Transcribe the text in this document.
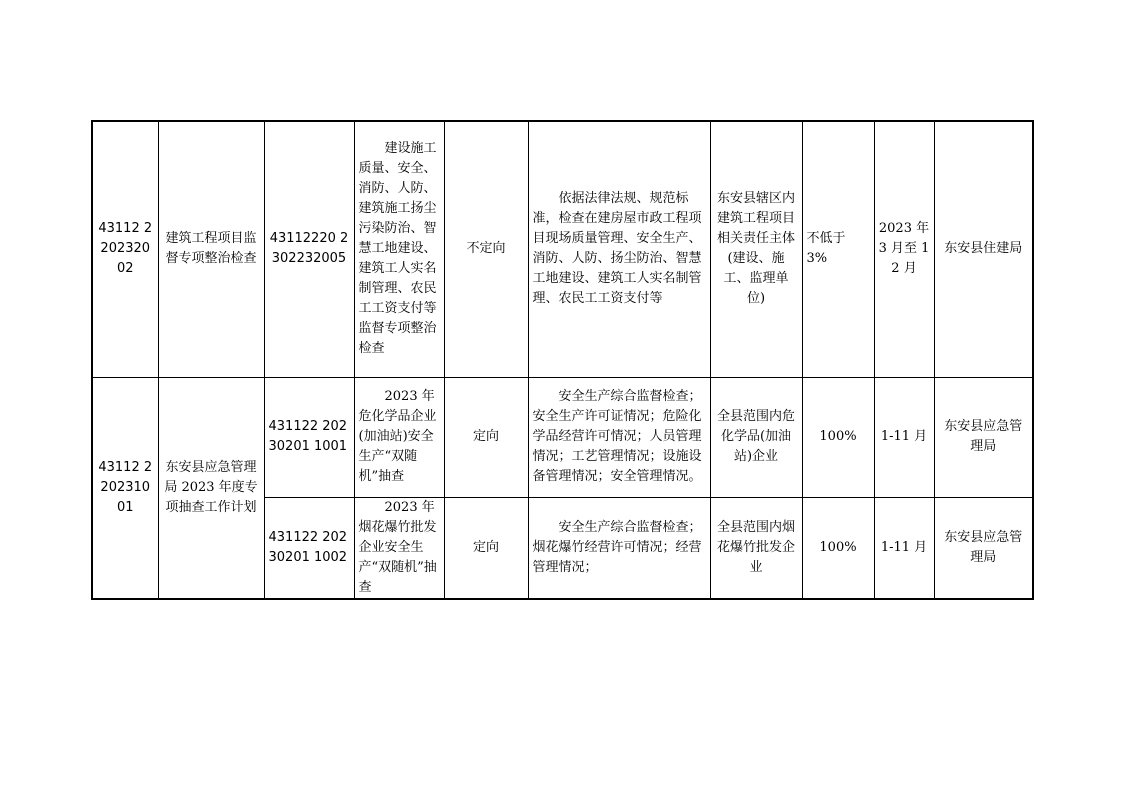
43112 2202320 02	建筑工程项目监督专项整治检查	43112220 2302232005	建设施工质量、安全、消防、人防、建筑施工扬尘污染防治、智慧工地建设、建筑工人实名制管理、农民工工资支付等监督专项整治检查	不定向	依据法律法规、规范标准，检查在建房屋市政工程项目现场质量管理、安全生产、消防、人防、扬尘防治、智慧工地建设、建筑工人实名制管理、农民工工资支付等	东安县辖区内建筑工程项目相关责任主体(建设、施工、监理单位)	不低于 3%	2023 年 3 月至 12 月	东安县住建局
43112 2202310 01	东安县应急管理局 2023 年度专项抽查工作计划	431122 20230201 1001	2023 年危化学品企业(加油站)安全生产“双随机”抽查	定向	安全生产综合监督检查；安全生产许可证情况；危险化学品经营许可情况；人员管理情况；工艺管理情况；设施设备管理情况；安全管理情况。	全县范围内危化学品(加油站)企业	100%	1-11 月	东安县应急管理局
		431122 20230201 1002	2023 年烟花爆竹批发企业安全生产“双随机”抽查	定向	安全生产综合监督检查；烟花爆竹经营许可情况；经营管理情况；	全县范围内烟花爆竹批发企业	100%	1-11 月	东安县应急管理局
